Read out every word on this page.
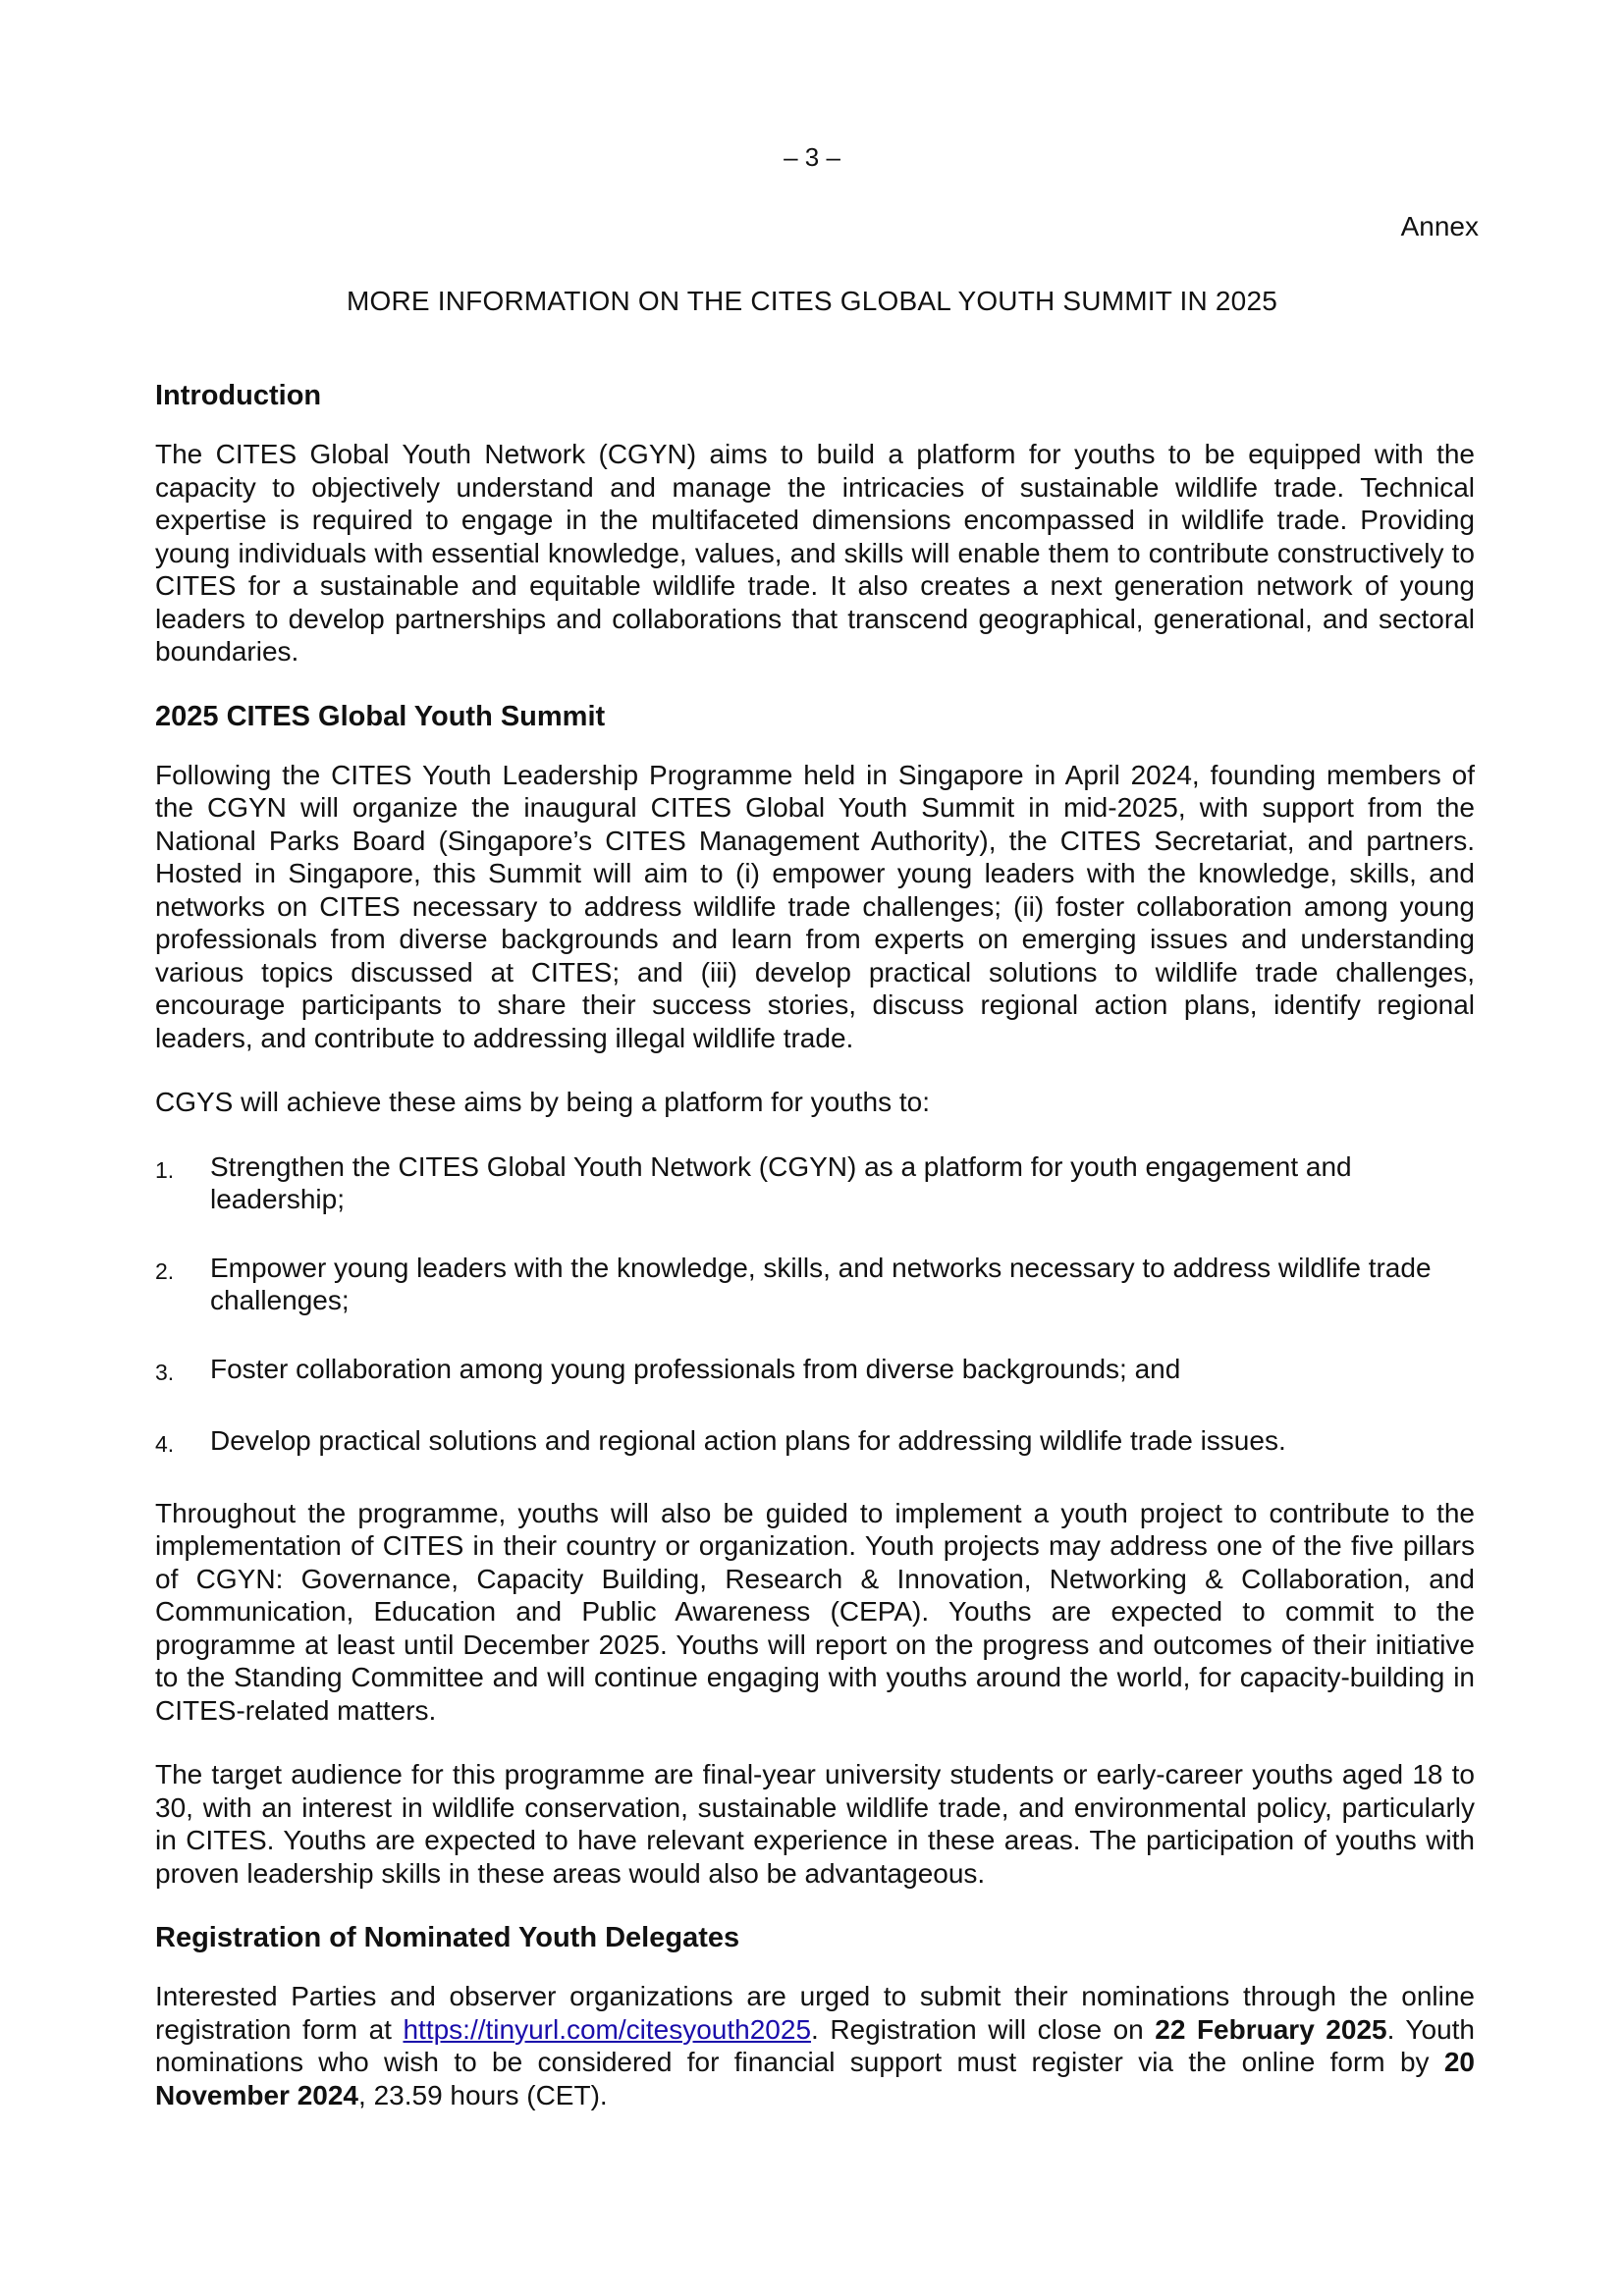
– 3 –
Annex
MORE INFORMATION ON THE CITES GLOBAL YOUTH SUMMIT IN 2025
Introduction

The CITES Global Youth Network (CGYN) aims to build a platform for youths to be equipped with the capacity to objectively understand and manage the intricacies of sustainable wildlife trade. Technical expertise is required to engage in the multifaceted dimensions encompassed in wildlife trade. Providing young individuals with essential knowledge, values, and skills will enable them to contribute constructively to CITES for a sustainable and equitable wildlife trade. It also creates a next generation network of young leaders to develop partnerships and collaborations that transcend geographical, generational, and sectoral boundaries.

2025 CITES Global Youth Summit

Following the CITES Youth Leadership Programme held in Singapore in April 2024, founding members of the CGYN will organize the inaugural CITES Global Youth Summit in mid-2025, with support from the National Parks Board (Singapore’s CITES Management Authority), the CITES Secretariat, and partners. Hosted in Singapore, this Summit will aim to (i) empower young leaders with the knowledge, skills, and networks on CITES necessary to address wildlife trade challenges; (ii) foster collaboration among young professionals from diverse backgrounds and learn from experts on emerging issues and understanding various topics discussed at CITES; and (iii) develop practical solutions to wildlife trade challenges, encourage participants to share their success stories, discuss regional action plans, identify regional leaders, and contribute to addressing illegal wildlife trade.

CGYS will achieve these aims by being a platform for youths to:

1.	Strengthen the CITES Global Youth Network (CGYN) as a platform for youth engagement and leadership;
2.	Empower young leaders with the knowledge, skills, and networks necessary to address wildlife trade challenges;
3.	Foster collaboration among young professionals from diverse backgrounds; and
4.	Develop practical solutions and regional action plans for addressing wildlife trade issues.

Throughout the programme, youths will also be guided to implement a youth project to contribute to the implementation of CITES in their country or organization. Youth projects may address one of the five pillars of CGYN: Governance, Capacity Building, Research & Innovation, Networking & Collaboration, and Communication, Education and Public Awareness (CEPA). Youths are expected to commit to the programme at least until December 2025. Youths will report on the progress and outcomes of their initiative to the Standing Committee and will continue engaging with youths around the world, for capacity-building in CITES-related matters.

The target audience for this programme are final-year university students or early-career youths aged 18 to 30, with an interest in wildlife conservation, sustainable wildlife trade, and environmental policy, particularly in CITES. Youths are expected to have relevant experience in these areas. The participation of youths with proven leadership skills in these areas would also be advantageous.

Registration of Nominated Youth Delegates

Interested Parties and observer organizations are urged to submit their nominations through the online registration form at https://tinyurl.com/citesyouth2025. Registration will close on 22 February 2025. Youth nominations who wish to be considered for financial support must register via the online form by 20 November 2024, 23.59 hours (CET).
